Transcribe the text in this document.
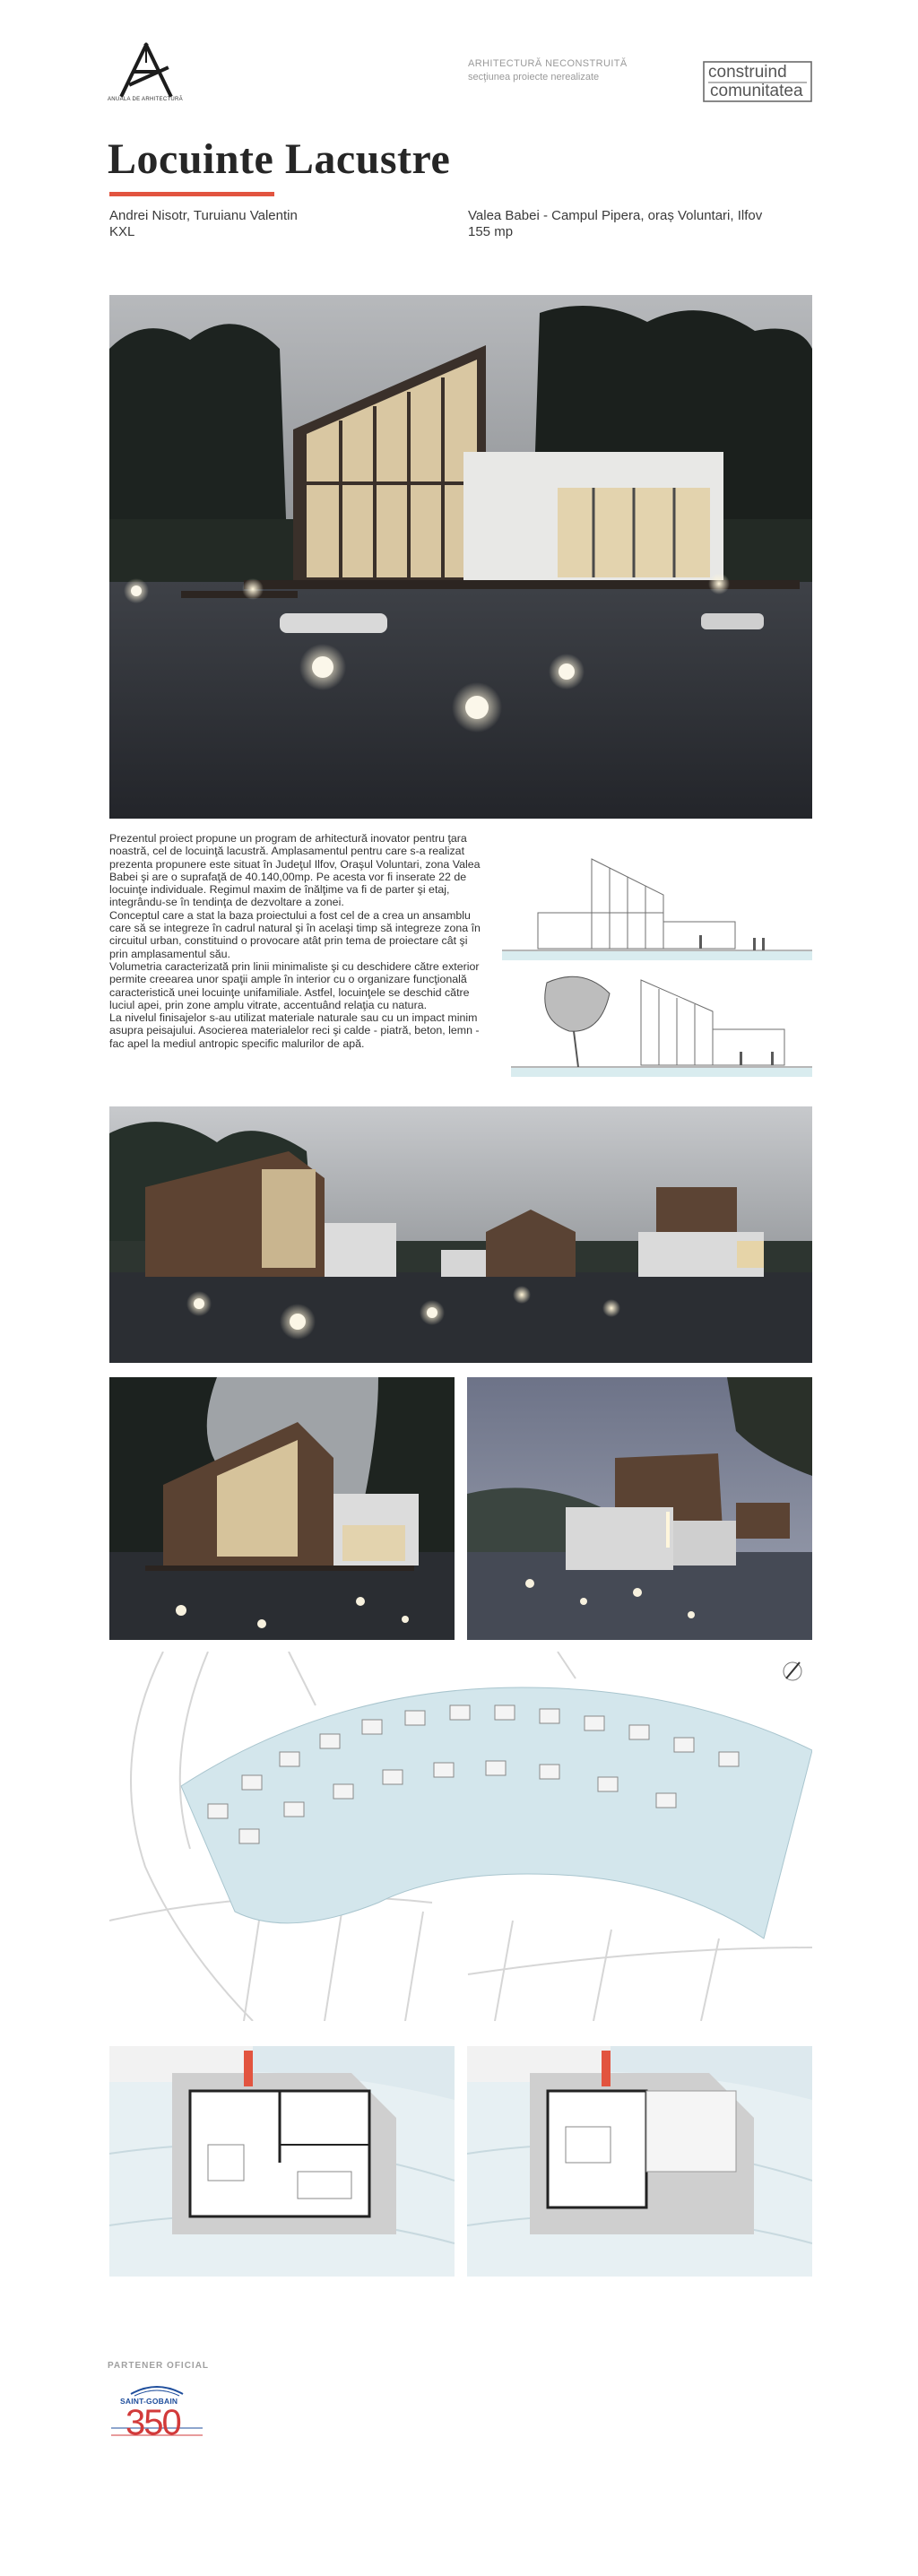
ANUALA DE ARHITECTURĂ
ARHITECTURĂ NECONSTRUITĂ
secţiunea proiecte nerealizate	construind
comunitatea
Locuinte Lacustre
Andrei Nisotr, Turuianu Valentin
KXL
Valea Babei - Campul Pipera, oraș Voluntari, Ilfov
155 mp

Prezentul proiect propune un program de arhitectură inovator pentru ţara noastră, cel de locuinţă lacustră. Amplasamentul pentru care s-a realizat prezenta propunere este situat în Judeţul Ilfov, Oraşul Voluntari, zona Valea Babei şi are o suprafaţă de 40.140,00mp. Pe acesta vor fi inserate 22 de locuinţe individuale. Regimul maxim de înălţime va fi de parter şi etaj, integrându-se în tendinţa de dezvoltare a zonei.

Conceptul care a stat la baza proiectului a fost cel de a crea un ansamblu care să se integreze în cadrul natural şi în acelaşi timp să integreze zona în circuitul urban, constituind o provocare atât prin tema de proiectare cât şi prin amplasamentul său.

Volumetria caracterizată prin linii minimaliste şi cu deschidere către exterior permite creearea unor spaţii ample în interior cu o organizare funcţională caracteristică unei locuinţe unifamiliale. Astfel, locuinţele se deschid către luciul apei, prin zone amplu vitrate, accentuând relaţia cu natura.

La nivelul finisajelor s-au utilizat materiale naturale sau cu un impact minim asupra peisajului. Asocierea materialelor reci şi calde - piatră, beton, lemn - fac apel la mediul antropic specific malurilor de apă.

PARTENER OFICIAL
SAINT-GOBAIN
350
